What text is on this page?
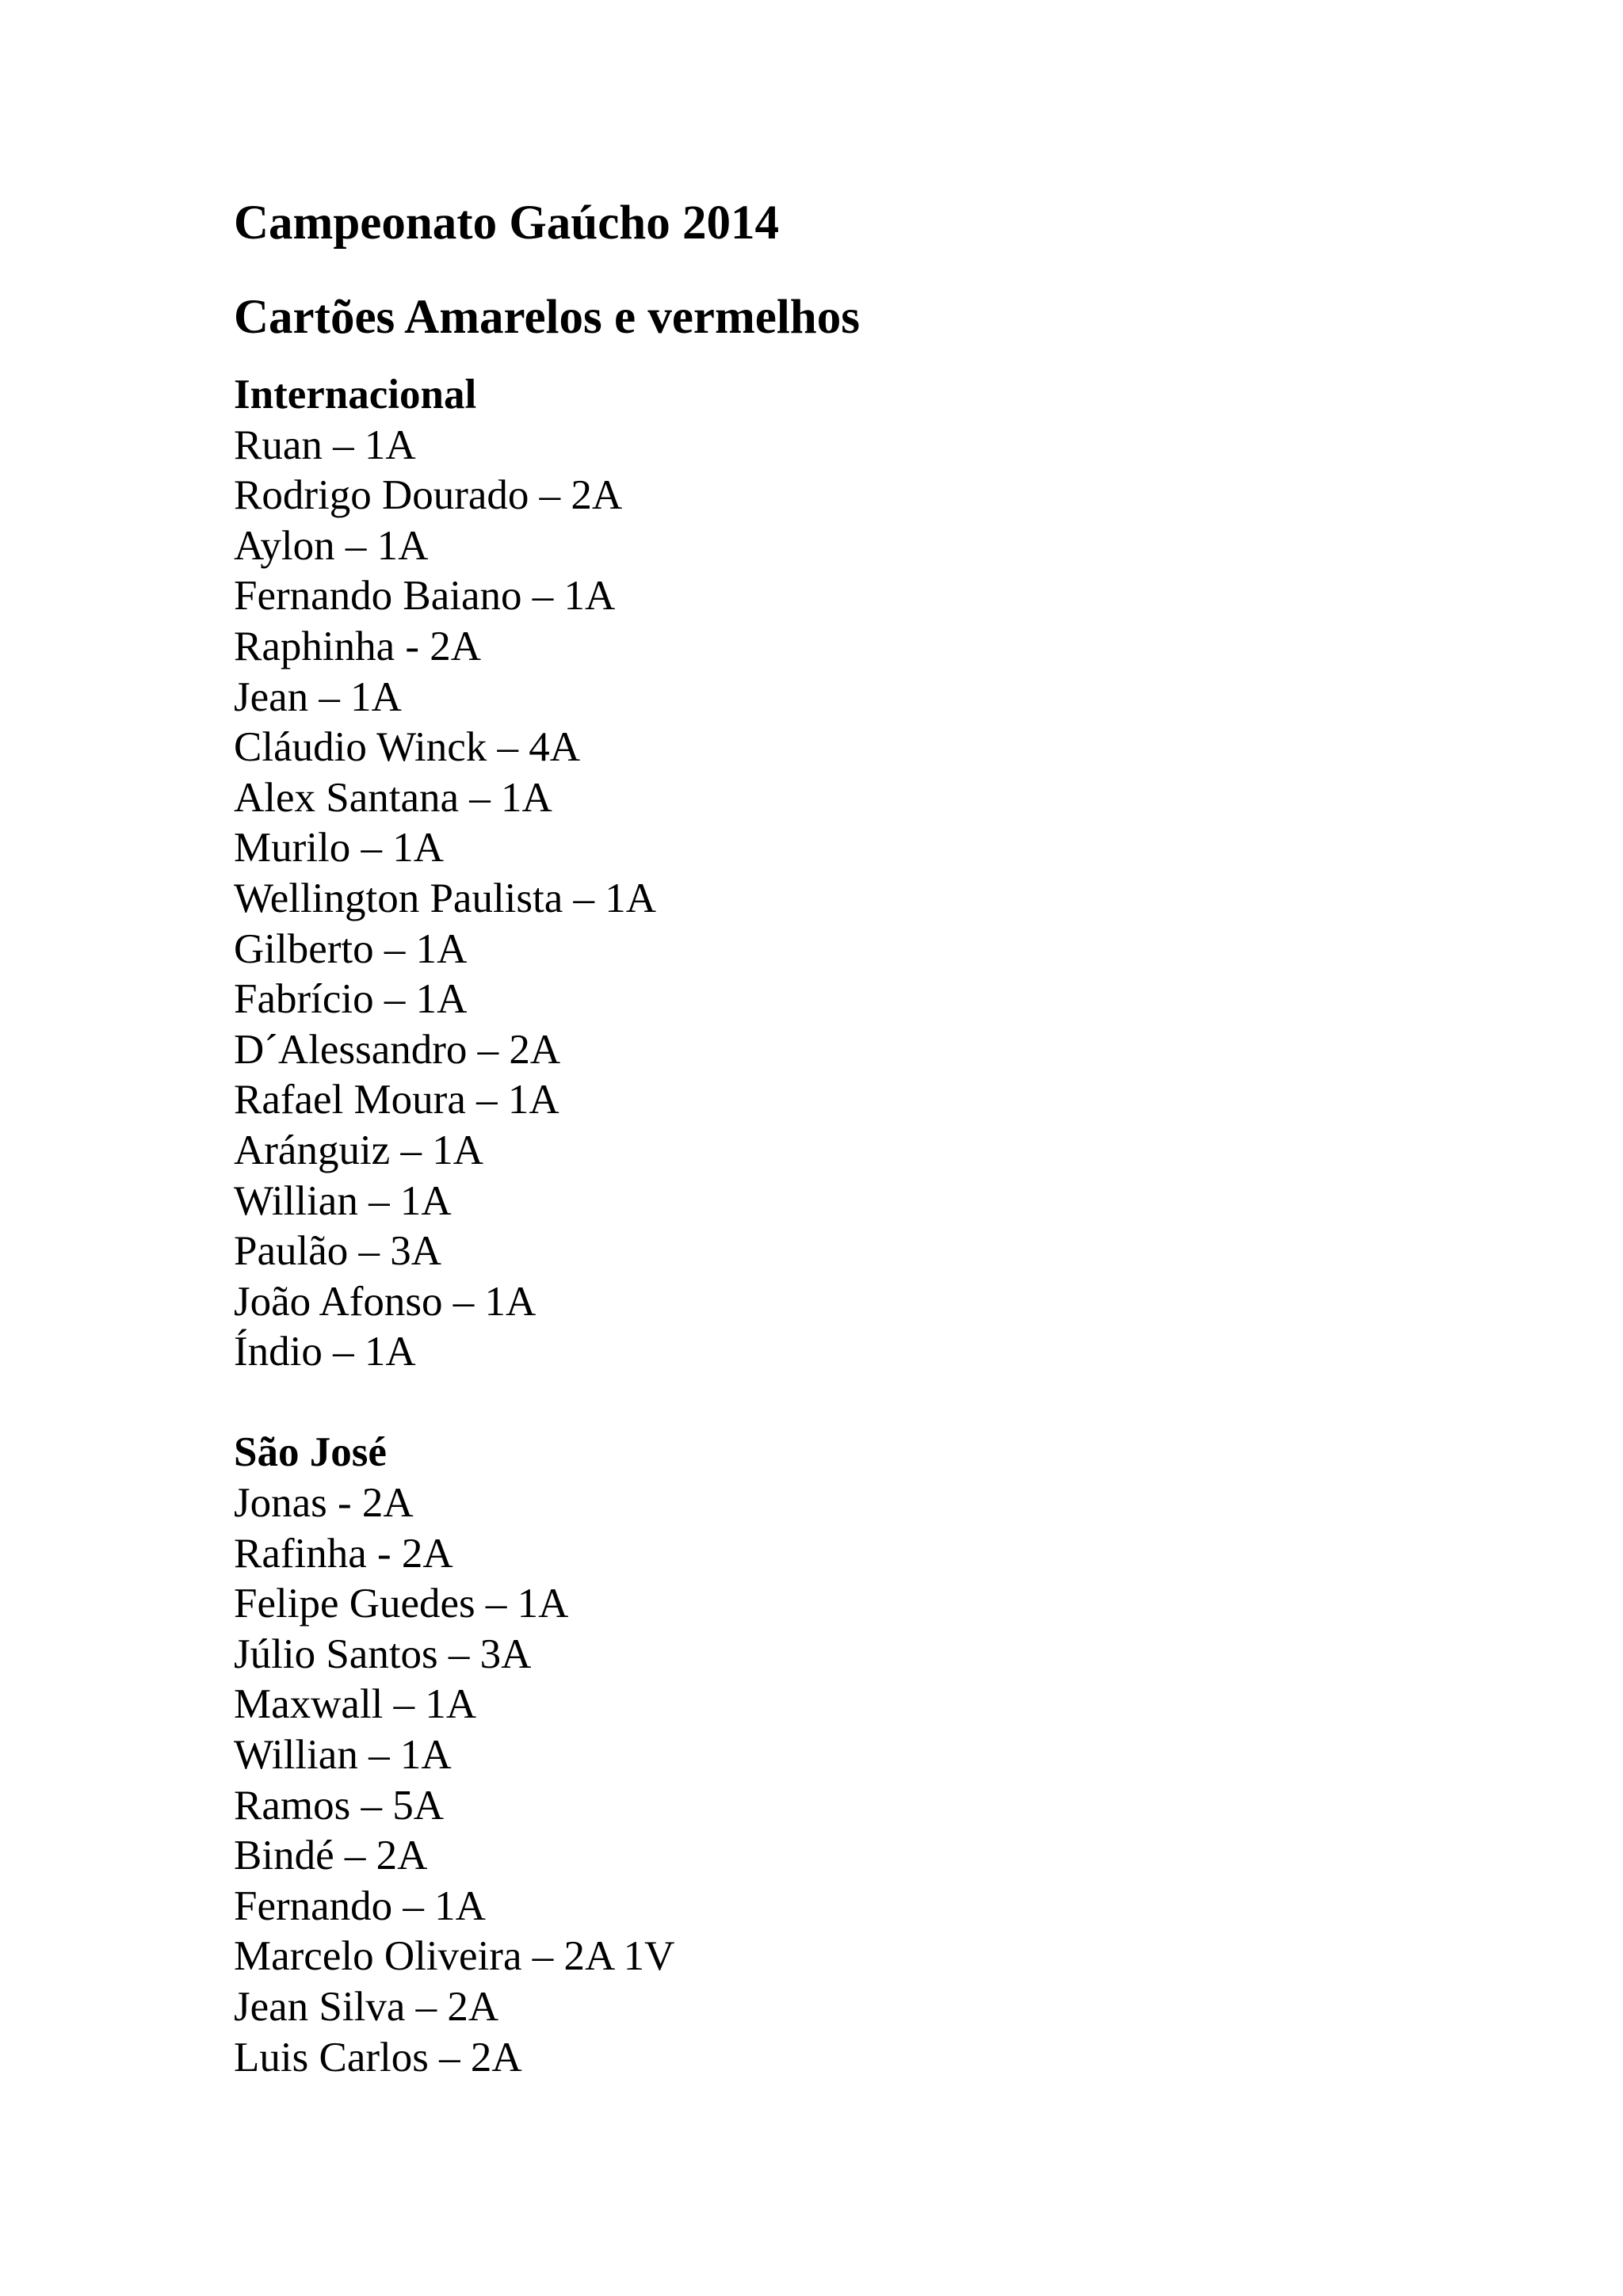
Campeonato Gaúcho 2014
Cartões Amarelos e vermelhos
Internacional
Ruan – 1A
Rodrigo Dourado – 2A
Aylon – 1A
Fernando Baiano – 1A
Raphinha - 2A
Jean – 1A
Cláudio Winck – 4A
Alex Santana – 1A
Murilo – 1A
Wellington Paulista – 1A
Gilberto – 1A
Fabrício – 1A
D´Alessandro – 2A
Rafael Moura – 1A
Aránguiz – 1A
Willian – 1A
Paulão – 3A
João Afonso – 1A
Índio – 1A
São José
Jonas - 2A
Rafinha - 2A
Felipe Guedes – 1A
Júlio Santos – 3A
Maxwall – 1A
Willian – 1A
Ramos – 5A
Bindé – 2A
Fernando – 1A
Marcelo Oliveira – 2A 1V
Jean Silva – 2A
Luis Carlos – 2A
